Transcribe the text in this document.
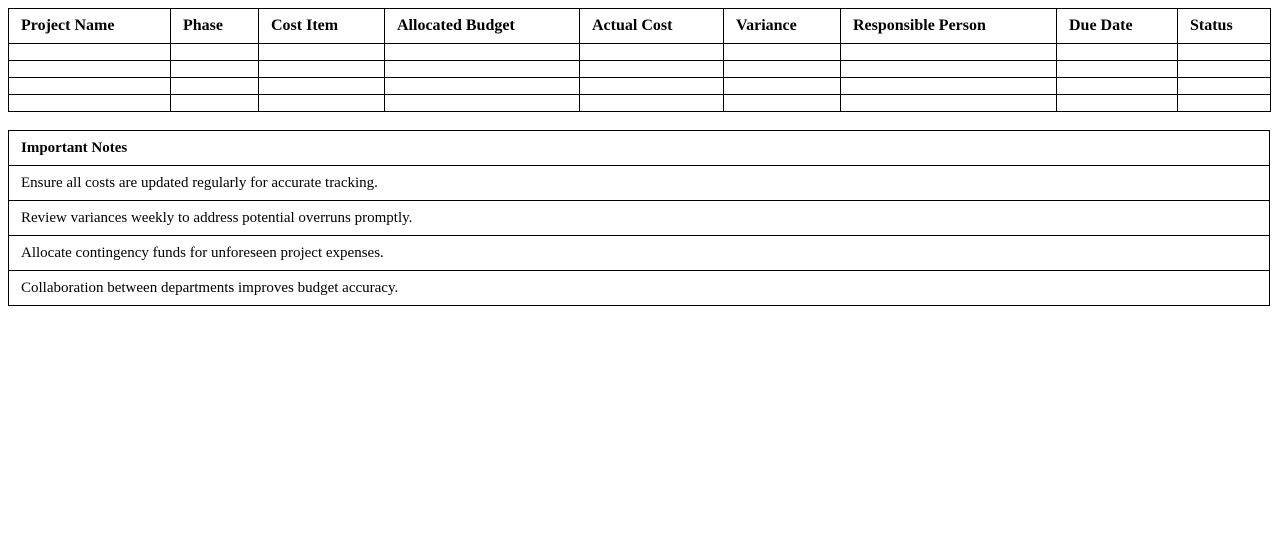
Project Name	Phase	Cost Item	Allocated Budget	Actual Cost	Variance	Responsible Person	Due Date	Status

Important Notes
Ensure all costs are updated regularly for accurate tracking.
Review variances weekly to address potential overruns promptly.
Allocate contingency funds for unforeseen project expenses.
Collaboration between departments improves budget accuracy.
